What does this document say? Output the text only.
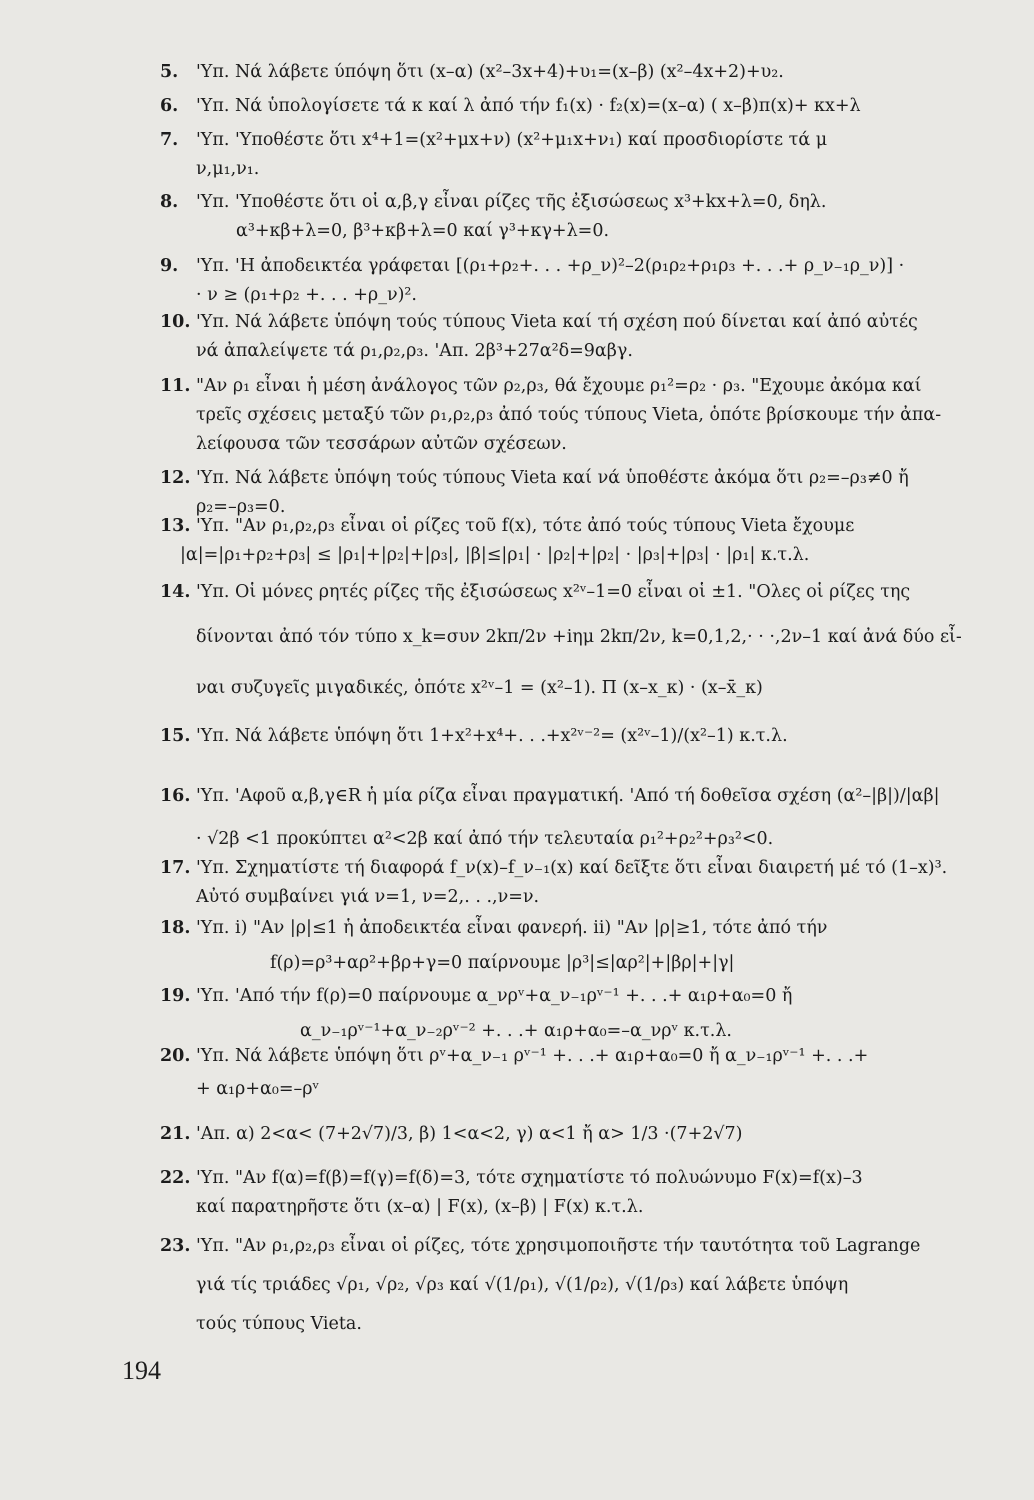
5. 'Υπ. Νά λάβετε ύπόψη ὅτι (x–α) (x²–3x+4)+υ₁=(x–β) (x²–4x+2)+υ₂.
6. 'Υπ. Νά ὑπολογίσετε τά κ καί λ ἀπό τήν f₁(x) · f₂(x)=(x–α) ( x–β)π(x)+ κx+λ
7. 'Υπ. 'Υποθέστε ὅτι x⁴+1=(x²+μx+ν) (x²+μ₁x+ν₁) καί προσδιορίστε τά μ
ν,μ₁,ν₁.
8. 'Υπ. 'Υποθέστε ὅτι οἱ α,β,γ εἶναι ρίζες τῆς ἐξισώσεως x³+kx+λ=0, δηλ.
α³+κβ+λ=0, β³+κβ+λ=0 καί γ³+κγ+λ=0.
9. 'Υπ. 'Η ἀποδεικτέα γράφεται [(ρ₁+ρ₂+. . . +ρ_ν)²–2(ρ₁ρ₂+ρ₁ρ₃ +. . .+ ρ_ν₋₁ρ_ν)] ·
· ν ≥ (ρ₁+ρ₂ +. . . +ρ_ν)².
10. 'Υπ. Νά λάβετε ὑπόψη τούς τύπους Vieta καί τή σχέση πού δίνεται καί ἀπό αὐτές
νά ἀπαλείψετε τά ρ₁,ρ₂,ρ₃. 'Απ. 2β³+27α²δ=9αβγ.
11. "Αν ρ₁ εἶναι ἡ μέση ἀνάλογος τῶν ρ₂,ρ₃, θά ἔχουμε ρ₁²=ρ₂ · ρ₃. "Εχουμε ἀκόμα καί
τρεῖς σχέσεις μεταξύ τῶν ρ₁,ρ₂,ρ₃ ἀπό τούς τύπους Vieta, ὁπότε βρίσκουμε τήν ἀπα-
λείφουσα τῶν τεσσάρων αὐτῶν σχέσεων.
12. 'Υπ. Νά λάβετε ὑπόψη τούς τύπους Vieta καί νά ὑποθέστε ἀκόμα ὅτι ρ₂=–ρ₃≠0 ἤ
ρ₂=–ρ₃=0.
13. 'Υπ. "Αν ρ₁,ρ₂,ρ₃ εἶναι οἱ ρίζες τοῦ f(x), τότε ἀπό τούς τύπους Vieta ἔχουμε
|α|=|ρ₁+ρ₂+ρ₃| ≤ |ρ₁|+|ρ₂|+|ρ₃|, |β|≤|ρ₁| · |ρ₂|+|ρ₂| · |ρ₃|+|ρ₃| · |ρ₁| κ.τ.λ.
14. 'Υπ. Οἱ μόνες ρητές ρίζες τῆς ἐξισώσεως x²ᵛ–1=0 εἶναι οἱ ±1. "Ολες οἱ ρίζες της
δίνονται ἀπό τόν τύπο x_k=συν 2kπ/2ν +iημ 2kπ/2ν, k=0,1,2,· · ·,2ν–1 καί ἀνά δύο εἶ-
ναι συζυγεῖς μιγαδικές, ὁπότε x²ᵛ–1 = (x²–1). Π (x–x_κ) · (x–x̄_κ)
15. 'Υπ. Νά λάβετε ὑπόψη ὅτι 1+x²+x⁴+. . .+x²ᵛ⁻²= (x²ᵛ–1)/(x²–1) κ.τ.λ.
16. 'Υπ. 'Αφοῦ α,β,γ∈R ἡ μία ρίζα εἶναι πραγματική. 'Από τή δοθεῖσα σχέση (α²–|β|)/|αβ|
· √2β <1 προκύπτει α²<2β καί ἀπό τήν τελευταία ρ₁²+ρ₂²+ρ₃²<0.
17. 'Υπ. Σχηματίστε τή διαφορά f_ν(x)–f_ν₋₁(x) καί δεῖξτε ὅτι εἶναι διαιρετή μέ τό (1–x)³.
Αὐτό συμβαίνει γιά ν=1, ν=2,. . .,ν=ν.
18. 'Υπ. i) "Αν |ρ|≤1 ἡ ἀποδεικτέα εἶναι φανερή. ii) "Αν |ρ|≥1, τότε ἀπό τήν
f(ρ)=ρ³+αρ²+βρ+γ=0 παίρνουμε |ρ³|≤|αρ²|+|βρ|+|γ|
19. 'Υπ. 'Από τήν f(ρ)=0 παίρνουμε α_νρᵛ+α_ν₋₁ρᵛ⁻¹ +. . .+ α₁ρ+α₀=0 ἤ
α_ν₋₁ρᵛ⁻¹+α_ν₋₂ρᵛ⁻² +. . .+ α₁ρ+α₀=–α_νρᵛ κ.τ.λ.
20. 'Υπ. Νά λάβετε ὑπόψη ὅτι ρᵛ+α_ν₋₁ ρᵛ⁻¹ +. . .+ α₁ρ+α₀=0 ἤ α_ν₋₁ρᵛ⁻¹ +. . .+
+ α₁ρ+α₀=–ρᵛ
21. 'Απ. α) 2<α< (7+2√7)/3, β) 1<α<2, γ) α<1 ἤ α> 1/3 ·(7+2√7)
22. 'Υπ. "Αν f(α)=f(β)=f(γ)=f(δ)=3, τότε σχηματίστε τό πολυώνυμο F(x)=f(x)–3
καί παρατηρῆστε ὅτι (x–α) | F(x), (x–β) | F(x) κ.τ.λ.
23. 'Υπ. "Αν ρ₁,ρ₂,ρ₃ εἶναι οἱ ρίζες, τότε χρησιμοποιῆστε τήν ταυτότητα τοῦ Lagrange
γιά τίς τριάδες √ρ₁, √ρ₂, √ρ₃ καί √(1/ρ₁), √(1/ρ₂), √(1/ρ₃) καί λάβετε ὑπόψη
τούς τύπους Vieta.
194
